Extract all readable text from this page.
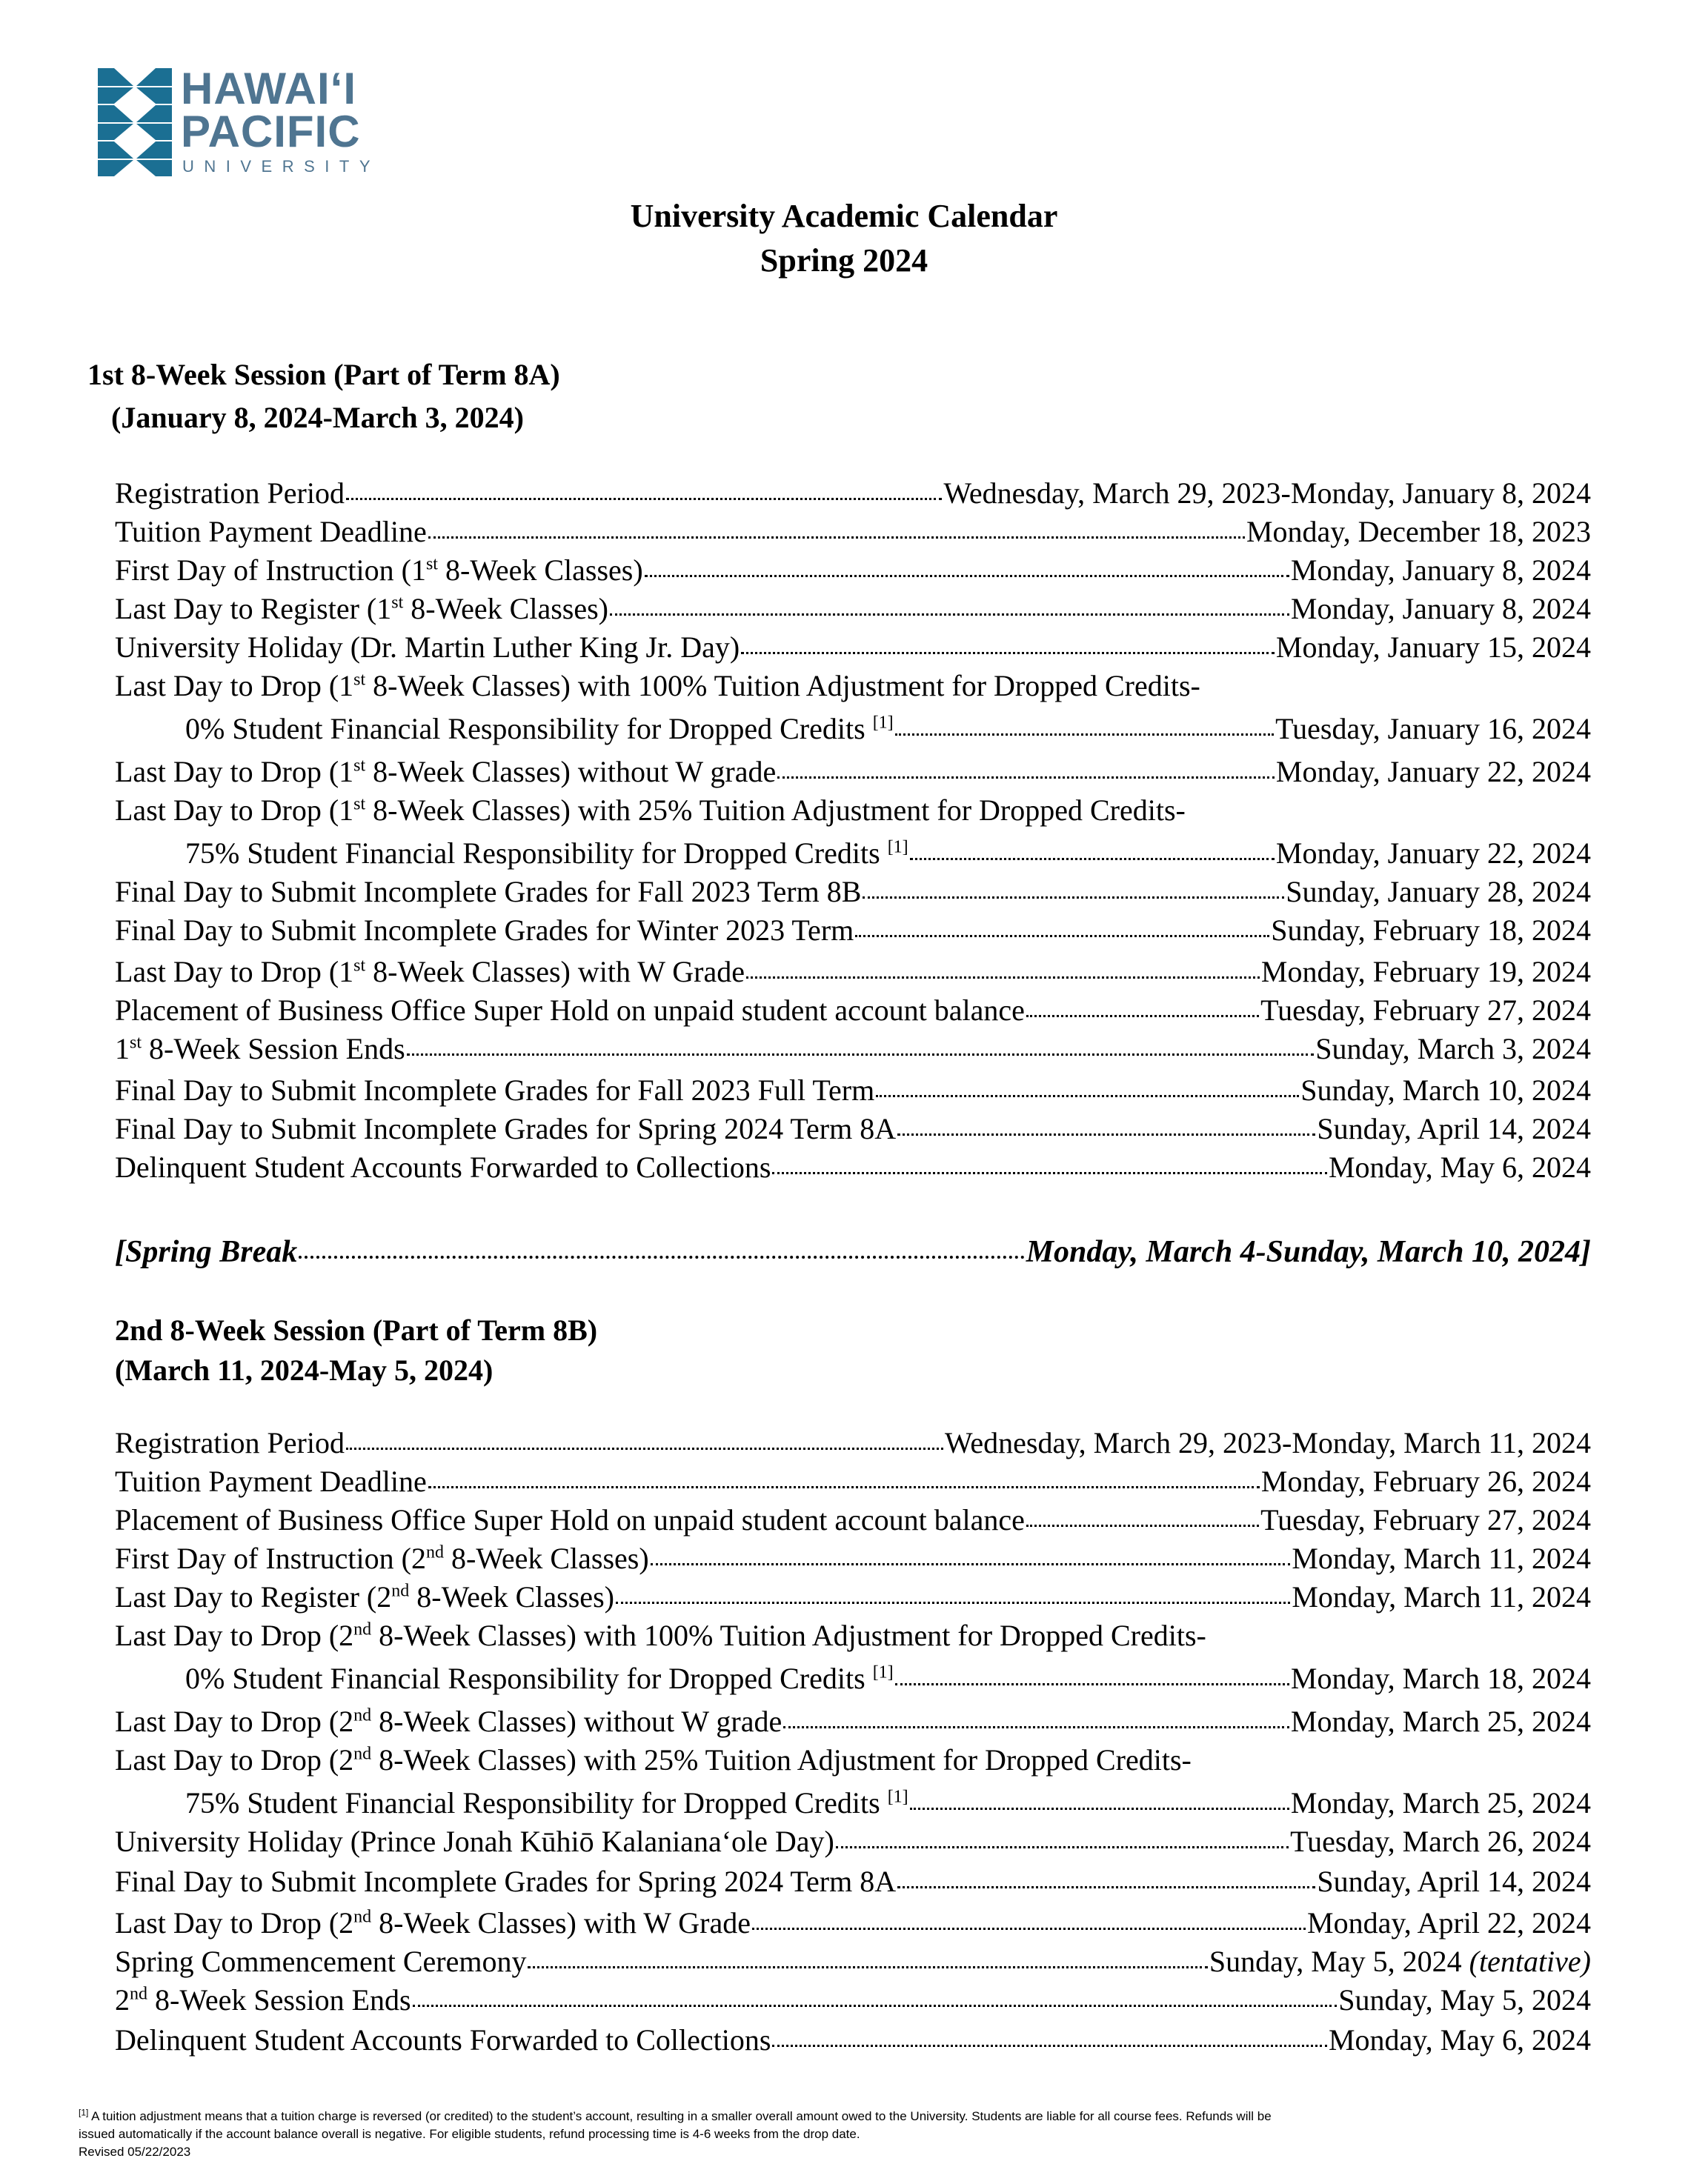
HAWAIʻI
PACIFIC
UNIVERSITY
University Academic Calendar
Spring 2024
1st 8-Week Session (Part of Term 8A)
(January 8, 2024-March 3, 2024)
Registration Period	Wednesday, March 29, 2023-Monday, January 8, 2024
Tuition Payment Deadline	Monday, December 18, 2023
First Day of Instruction (1st 8-Week Classes)	Monday, January 8, 2024
Last Day to Register (1st 8-Week Classes)	Monday, January 8, 2024
University Holiday (Dr. Martin Luther King Jr. Day)	Monday, January 15, 2024
Last Day to Drop (1st 8-Week Classes) with 100% Tuition Adjustment for Dropped Credits-
0% Student Financial Responsibility for Dropped Credits [1]	Tuesday, January 16, 2024
Last Day to Drop (1st 8-Week Classes) without W grade	Monday, January 22, 2024
Last Day to Drop (1st 8-Week Classes) with 25% Tuition Adjustment for Dropped Credits-
75% Student Financial Responsibility for Dropped Credits [1]	Monday, January 22, 2024
Final Day to Submit Incomplete Grades for Fall 2023 Term 8B	Sunday, January 28, 2024
Final Day to Submit Incomplete Grades for Winter 2023 Term	Sunday, February 18, 2024
Last Day to Drop (1st 8-Week Classes) with W Grade	Monday, February 19, 2024
Placement of Business Office Super Hold on unpaid student account balance	Tuesday, February 27, 2024
1st 8-Week Session Ends	Sunday, March 3, 2024
Final Day to Submit Incomplete Grades for Fall 2023 Full Term	Sunday, March 10, 2024
Final Day to Submit Incomplete Grades for Spring 2024 Term 8A	Sunday, April 14, 2024
Delinquent Student Accounts Forwarded to Collections	Monday, May 6, 2024
[Spring Break	Monday, March 4-Sunday, March 10, 2024]
2nd 8-Week Session (Part of Term 8B)
(March 11, 2024-May 5, 2024)
Registration Period	Wednesday, March 29, 2023-Monday, March 11, 2024
Tuition Payment Deadline	Monday, February 26, 2024
Placement of Business Office Super Hold on unpaid student account balance	Tuesday, February 27, 2024
First Day of Instruction (2nd 8-Week Classes)	Monday, March 11, 2024
Last Day to Register (2nd 8-Week Classes)	Monday, March 11, 2024
Last Day to Drop (2nd 8-Week Classes) with 100% Tuition Adjustment for Dropped Credits-
0% Student Financial Responsibility for Dropped Credits [1]	Monday, March 18, 2024
Last Day to Drop (2nd 8-Week Classes) without W grade	Monday, March 25, 2024
Last Day to Drop (2nd 8-Week Classes) with 25% Tuition Adjustment for Dropped Credits-
75% Student Financial Responsibility for Dropped Credits [1]	Monday, March 25, 2024
University Holiday (Prince Jonah Kūhiō Kalanianaʻole Day)	Tuesday, March 26, 2024
Final Day to Submit Incomplete Grades for Spring 2024 Term 8A	Sunday, April 14, 2024
Last Day to Drop (2nd 8-Week Classes) with W Grade	Monday, April 22, 2024
Spring Commencement Ceremony	Sunday, May 5, 2024 (tentative)
2nd 8-Week Session Ends	Sunday, May 5, 2024
Delinquent Student Accounts Forwarded to Collections	Monday, May 6, 2024
[1] A tuition adjustment means that a tuition charge is reversed (or credited) to the student’s account, resulting in a smaller overall amount owed to the University. Students are liable for all course fees. Refunds will be
issued automatically if the account balance overall is negative. For eligible students, refund processing time is 4-6 weeks from the drop date.
Revised 05/22/2023
